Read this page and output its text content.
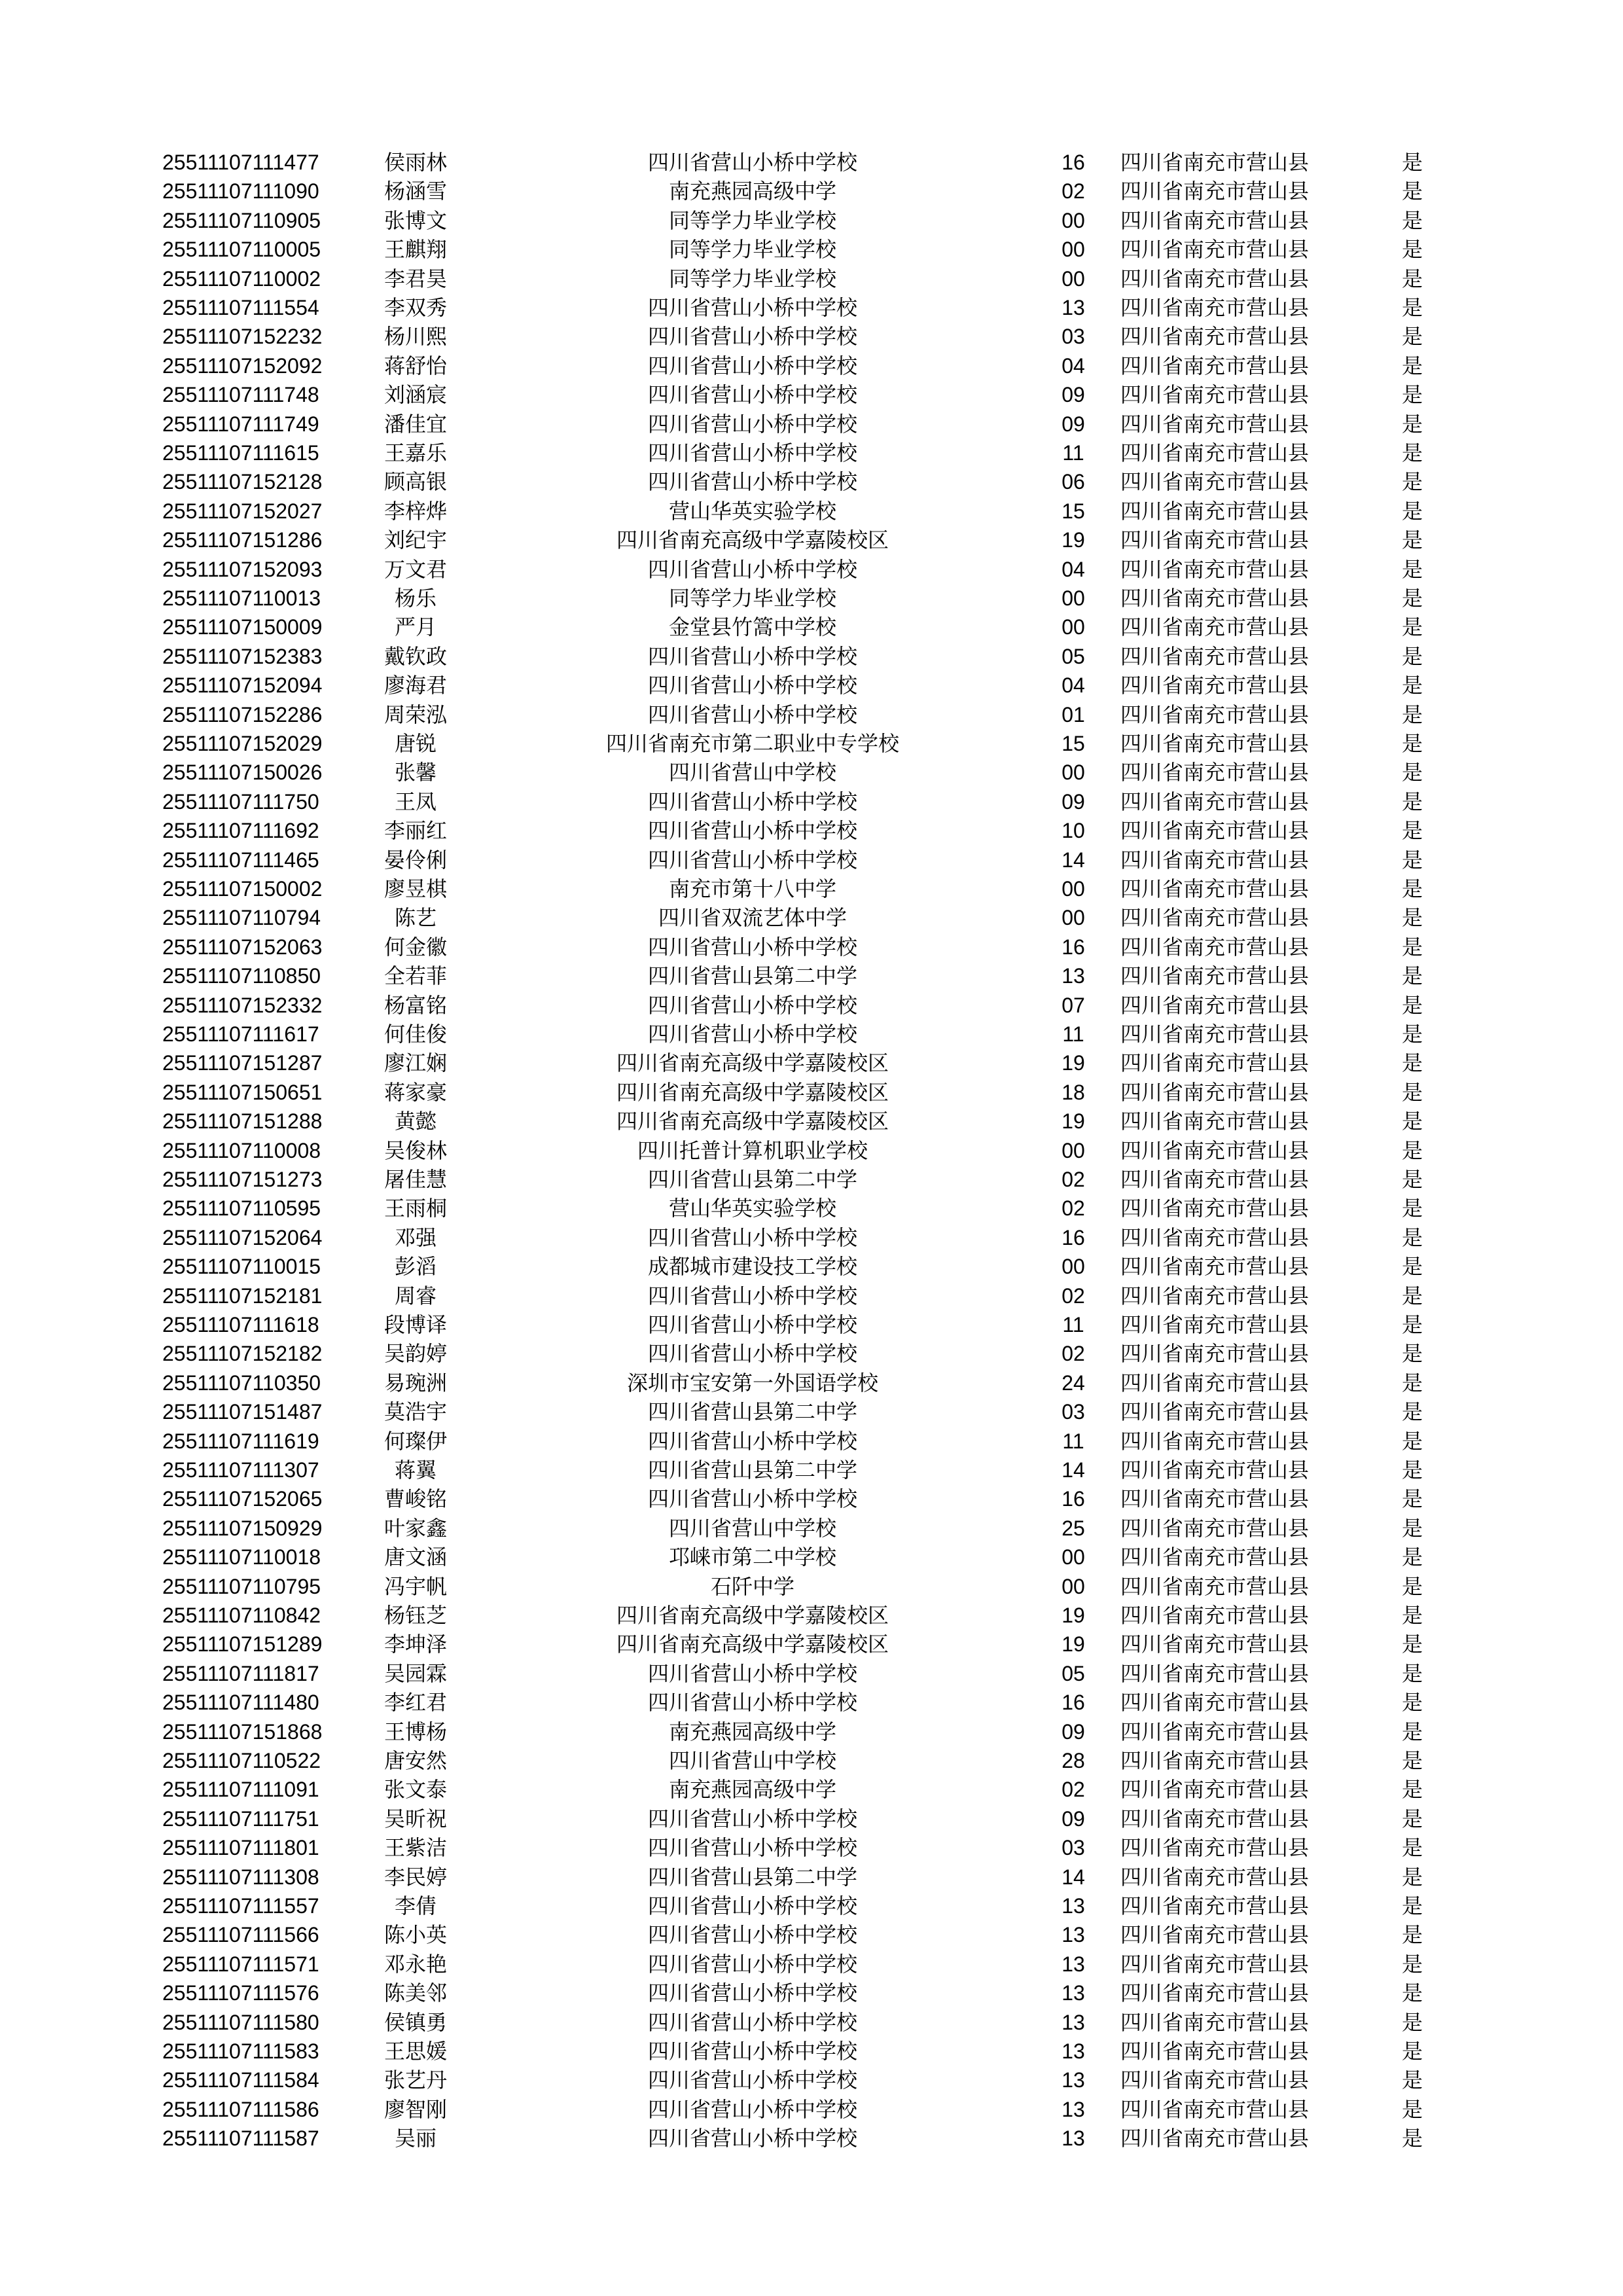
25511107111477	侯雨林	四川省营山小桥中学校	16	四川省南充市营山县	是
25511107111090	杨涵雪	南充燕园高级中学	02	四川省南充市营山县	是
25511107110905	张博文	同等学力毕业学校	00	四川省南充市营山县	是
25511107110005	王麒翔	同等学力毕业学校	00	四川省南充市营山县	是
25511107110002	李君昊	同等学力毕业学校	00	四川省南充市营山县	是
25511107111554	李双秀	四川省营山小桥中学校	13	四川省南充市营山县	是
25511107152232	杨川熙	四川省营山小桥中学校	03	四川省南充市营山县	是
25511107152092	蒋舒怡	四川省营山小桥中学校	04	四川省南充市营山县	是
25511107111748	刘涵宸	四川省营山小桥中学校	09	四川省南充市营山县	是
25511107111749	潘佳宜	四川省营山小桥中学校	09	四川省南充市营山县	是
25511107111615	王嘉乐	四川省营山小桥中学校	11	四川省南充市营山县	是
25511107152128	顾高银	四川省营山小桥中学校	06	四川省南充市营山县	是
25511107152027	李梓烨	营山华英实验学校	15	四川省南充市营山县	是
25511107151286	刘纪宇	四川省南充高级中学嘉陵校区	19	四川省南充市营山县	是
25511107152093	万文君	四川省营山小桥中学校	04	四川省南充市营山县	是
25511107110013	杨乐	同等学力毕业学校	00	四川省南充市营山县	是
25511107150009	严月	金堂县竹篙中学校	00	四川省南充市营山县	是
25511107152383	戴钦政	四川省营山小桥中学校	05	四川省南充市营山县	是
25511107152094	廖海君	四川省营山小桥中学校	04	四川省南充市营山县	是
25511107152286	周荣泓	四川省营山小桥中学校	01	四川省南充市营山县	是
25511107152029	唐锐	四川省南充市第二职业中专学校	15	四川省南充市营山县	是
25511107150026	张馨	四川省营山中学校	00	四川省南充市营山县	是
25511107111750	王凤	四川省营山小桥中学校	09	四川省南充市营山县	是
25511107111692	李丽红	四川省营山小桥中学校	10	四川省南充市营山县	是
25511107111465	晏伶俐	四川省营山小桥中学校	14	四川省南充市营山县	是
25511107150002	廖昱棋	南充市第十八中学	00	四川省南充市营山县	是
25511107110794	陈艺	四川省双流艺体中学	00	四川省南充市营山县	是
25511107152063	何金徽	四川省营山小桥中学校	16	四川省南充市营山县	是
25511107110850	全若菲	四川省营山县第二中学	13	四川省南充市营山县	是
25511107152332	杨富铭	四川省营山小桥中学校	07	四川省南充市营山县	是
25511107111617	何佳俊	四川省营山小桥中学校	11	四川省南充市营山县	是
25511107151287	廖江娴	四川省南充高级中学嘉陵校区	19	四川省南充市营山县	是
25511107150651	蒋家豪	四川省南充高级中学嘉陵校区	18	四川省南充市营山县	是
25511107151288	黄懿	四川省南充高级中学嘉陵校区	19	四川省南充市营山县	是
25511107110008	吴俊林	四川托普计算机职业学校	00	四川省南充市营山县	是
25511107151273	屠佳慧	四川省营山县第二中学	02	四川省南充市营山县	是
25511107110595	王雨桐	营山华英实验学校	02	四川省南充市营山县	是
25511107152064	邓强	四川省营山小桥中学校	16	四川省南充市营山县	是
25511107110015	彭滔	成都城市建设技工学校	00	四川省南充市营山县	是
25511107152181	周睿	四川省营山小桥中学校	02	四川省南充市营山县	是
25511107111618	段博译	四川省营山小桥中学校	11	四川省南充市营山县	是
25511107152182	吴韵婷	四川省营山小桥中学校	02	四川省南充市营山县	是
25511107110350	易琬洲	深圳市宝安第一外国语学校	24	四川省南充市营山县	是
25511107151487	莫浩宇	四川省营山县第二中学	03	四川省南充市营山县	是
25511107111619	何璨伊	四川省营山小桥中学校	11	四川省南充市营山县	是
25511107111307	蒋翼	四川省营山县第二中学	14	四川省南充市营山县	是
25511107152065	曹峻铭	四川省营山小桥中学校	16	四川省南充市营山县	是
25511107150929	叶家鑫	四川省营山中学校	25	四川省南充市营山县	是
25511107110018	唐文涵	邛崃市第二中学校	00	四川省南充市营山县	是
25511107110795	冯宇帆	石阡中学	00	四川省南充市营山县	是
25511107110842	杨钰芝	四川省南充高级中学嘉陵校区	19	四川省南充市营山县	是
25511107151289	李坤泽	四川省南充高级中学嘉陵校区	19	四川省南充市营山县	是
25511107111817	吴园霖	四川省营山小桥中学校	05	四川省南充市营山县	是
25511107111480	李红君	四川省营山小桥中学校	16	四川省南充市营山县	是
25511107151868	王博杨	南充燕园高级中学	09	四川省南充市营山县	是
25511107110522	唐安然	四川省营山中学校	28	四川省南充市营山县	是
25511107111091	张文泰	南充燕园高级中学	02	四川省南充市营山县	是
25511107111751	吴昕祝	四川省营山小桥中学校	09	四川省南充市营山县	是
25511107111801	王紫洁	四川省营山小桥中学校	03	四川省南充市营山县	是
25511107111308	李民婷	四川省营山县第二中学	14	四川省南充市营山县	是
25511107111557	李倩	四川省营山小桥中学校	13	四川省南充市营山县	是
25511107111566	陈小英	四川省营山小桥中学校	13	四川省南充市营山县	是
25511107111571	邓永艳	四川省营山小桥中学校	13	四川省南充市营山县	是
25511107111576	陈美邻	四川省营山小桥中学校	13	四川省南充市营山县	是
25511107111580	侯镇勇	四川省营山小桥中学校	13	四川省南充市营山县	是
25511107111583	王思媛	四川省营山小桥中学校	13	四川省南充市营山县	是
25511107111584	张艺丹	四川省营山小桥中学校	13	四川省南充市营山县	是
25511107111586	廖智刚	四川省营山小桥中学校	13	四川省南充市营山县	是
25511107111587	吴丽	四川省营山小桥中学校	13	四川省南充市营山县	是
